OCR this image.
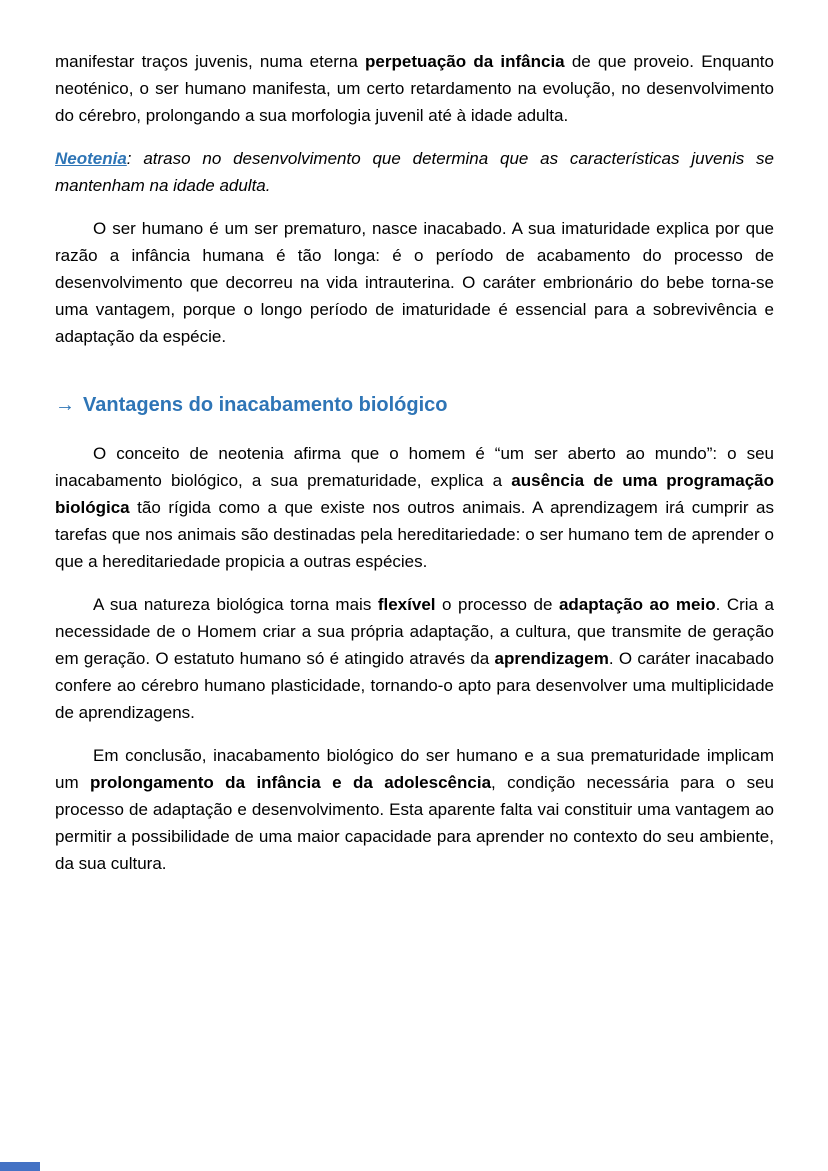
manifestar traços juvenis, numa eterna perpetuação da infância de que proveio. Enquanto neoténico, o ser humano manifesta, um certo retardamento na evolução, no desenvolvimento do cérebro, prolongando a sua morfologia juvenil até à idade adulta.

Neotenia: atraso no desenvolvimento que determina que as características juvenis se mantenham na idade adulta.

O ser humano é um ser prematuro, nasce inacabado. A sua imaturidade explica por que razão a infância humana é tão longa: é o período de acabamento do processo de desenvolvimento que decorreu na vida intrauterina. O caráter embrionário do bebe torna-se uma vantagem, porque o longo período de imaturidade é essencial para a sobrevivência e adaptação da espécie.

→ Vantagens do inacabamento biológico

O conceito de neotenia afirma que o homem é “um ser aberto ao mundo”: o seu inacabamento biológico, a sua prematuridade, explica a ausência de uma programação biológica tão rígida como a que existe nos outros animais. A aprendizagem irá cumprir as tarefas que nos animais são destinadas pela hereditariedade: o ser humano tem de aprender o que a hereditariedade propicia a outras espécies.

A sua natureza biológica torna mais flexível o processo de adaptação ao meio. Cria a necessidade de o Homem criar a sua própria adaptação, a cultura, que transmite de geração em geração. O estatuto humano só é atingido através da aprendizagem. O caráter inacabado confere ao cérebro humano plasticidade, tornando-o apto para desenvolver uma multiplicidade de aprendizagens.

Em conclusão, inacabamento biológico do ser humano e a sua prematuridade implicam um prolongamento da infância e da adolescência, condição necessária para o seu processo de adaptação e desenvolvimento. Esta aparente falta vai constituir uma vantagem ao permitir a possibilidade de uma maior capacidade para aprender no contexto do seu ambiente, da sua cultura.
